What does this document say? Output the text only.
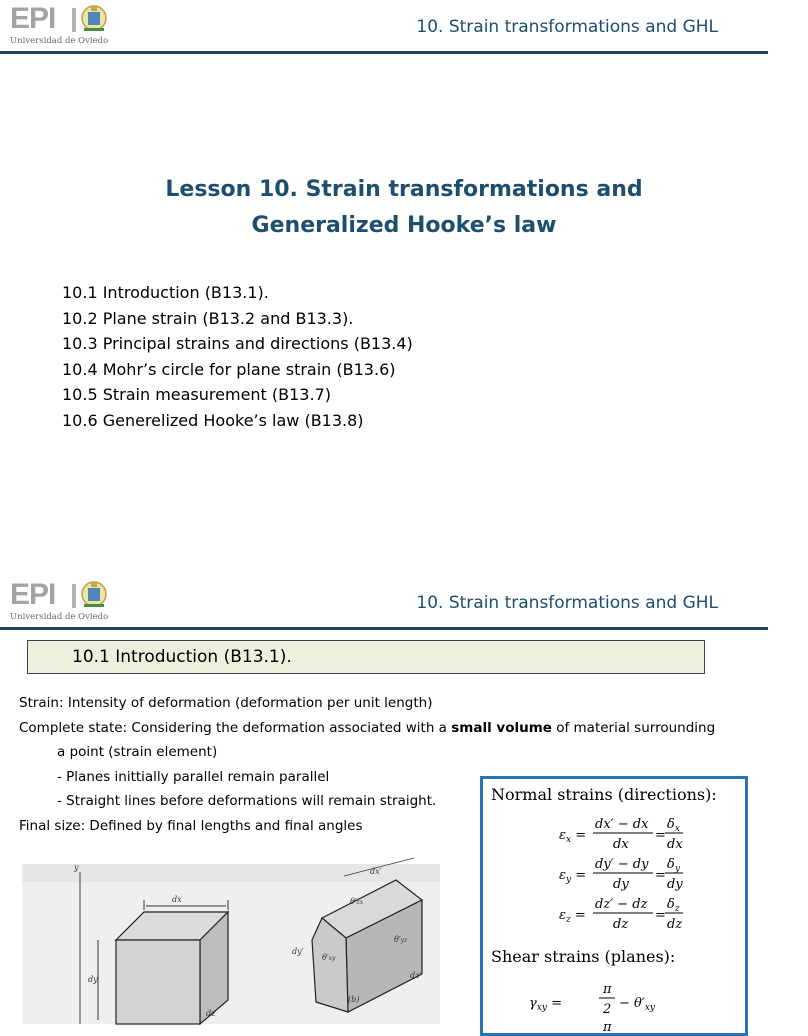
EPI
Universidad de Oviedo
10. Strain transformations and GHL
Lesson 10. Strain transformations and
Generalized Hooke’s law
10.1 Introduction (B13.1).
10.2 Plane strain (B13.2 and B13.3).
10.3 Principal strains and directions (B13.4)
10.4 Mohr’s circle for plane strain (B13.6)
10.5 Strain measurement (B13.7)
10.6 Generelized Hooke’s law (B13.8)
EPI
Universidad de Oviedo
10. Strain transformations and GHL
10.1 Introduction (B13.1).
Strain: Intensity of deformation (deformation per unit length)
Complete state: Considering the deformation associated with a small volume of material surrounding
a point (strain element)
- Planes inittially parallel remain parallel
- Straight lines before deformations will remain straight.
Final size: Defined by final lengths and final angles
Normal strains (directions):
$\varepsilon_x$ =
dx′ − dx
dx
=
$\delta_x$
dx
$\varepsilon_y$ =
dy′ − dy
dy
=
$\delta_y$
dy
$\varepsilon_z$ =
dz′ − dz
dz
=
$\delta_z$
dz
Shear strains (planes):
$\gamma_{xy}$ =
π
$2 - \theta'_{xy}$
π
y
dx
dy
dz
dx′
θ′zx
θ′yz
θ′xy
dy′
dz′
(b)
